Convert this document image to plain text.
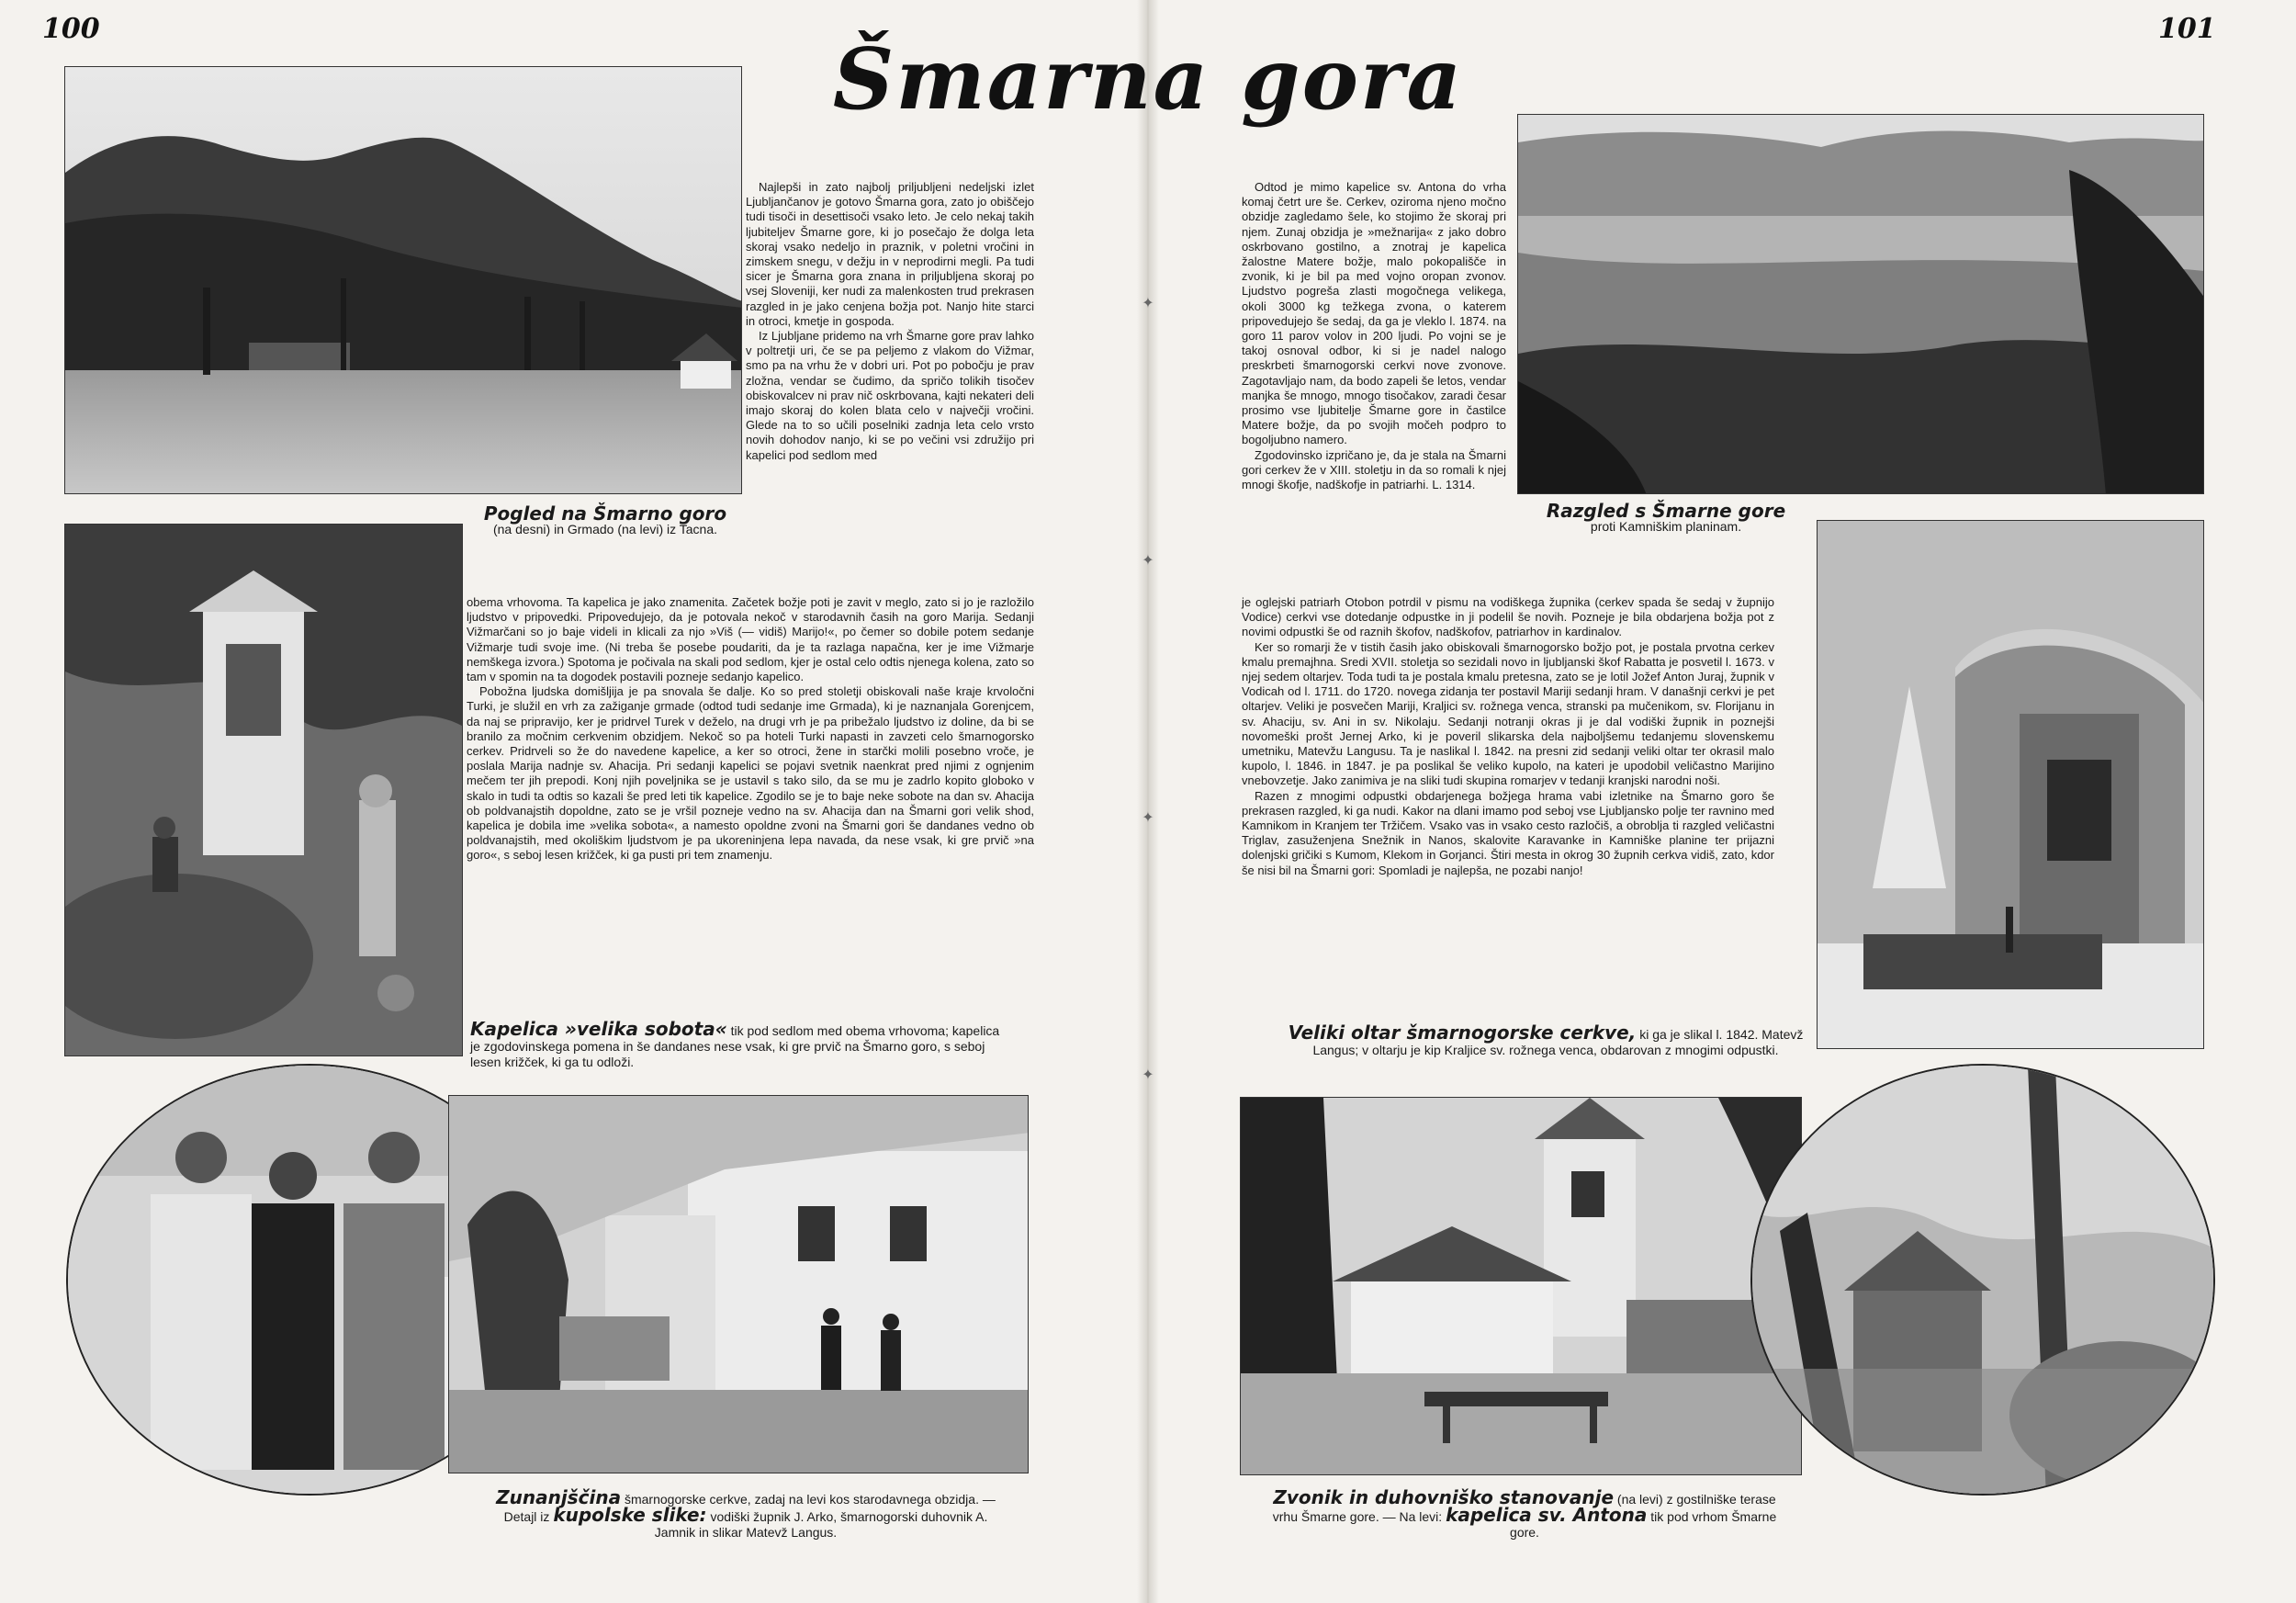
100	101
✦
✦
✦
✦
Šmarna gora
Pogled na Šmarno goro
(na desni) in Grmado (na levi) iz Tacna.

Najlepši in zato najbolj priljubljeni nedeljski izlet Ljubljančanov je gotovo Šmarna gora, zato jo obiščejo tudi tisoči in desettisoči vsako leto. Je celo nekaj takih ljubiteljev Šmarne gore, ki jo posečajo že dolga leta skoraj vsako nedeljo in praznik, v poletni vročini in zimskem snegu, v dežju in v neprodirni megli. Pa tudi sicer je Šmarna gora znana in priljubljena skoraj po vsej Sloveniji, ker nudi za malenkosten trud prekrasen razgled in je jako cenjena božja pot. Nanjo hite starci in otroci, kmetje in gospoda.

Iz Ljubljane pridemo na vrh Šmarne gore prav lahko v poltretji uri, če se pa peljemo z vlakom do Vižmar, smo pa na vrhu že v dobri uri. Pot po pobočju je prav zložna, vendar se čudimo, da spričo tolikih tisočev obiskovalcev ni prav nič oskrbovana, kajti nekateri deli imajo skoraj do kolen blata celo v največji vročini. Glede na to so učili poselniki zadnja leta celo vrsto novih dohodov nanjo, ki se po večini vsi združijo pri kapelici pod sedlom med

Odtod je mimo kapelice sv. Antona do vrha komaj četrt ure še. Cerkev, oziroma njeno močno obzidje zagledamo šele, ko stojimo že skoraj pri njem. Zunaj obzidja je »mežnarija« z jako dobro oskrbovano gostilno, a znotraj je kapelica žalostne Matere božje, malo pokopališče in zvonik, ki je bil pa med vojno oropan zvonov. Ljudstvo pogreša zlasti mogočnega velikega, okoli 3000 kg težkega zvona, o katerem pripovedujejo še sedaj, da ga je vleklo l. 1874. na goro 11 parov volov in 200 ljudi. Po vojni se je takoj osnoval odbor, ki si je nadel nalogo preskrbeti šmarnogorski cerkvi nove zvonove. Zagotavljajo nam, da bodo zapeli še letos, vendar manjka še mnogo, mnogo tisočakov, zaradi česar prosimo vse ljubitelje Šmarne gore in častilce Matere božje, da po svojih močeh podpro to bogoljubno namero.

Zgodovinsko izpričano je, da je stala na Šmarni gori cerkev že v XIII. stoletju in da so romali k njej mnogi škofje, nadškofje in patriarhi. L. 1314.

obema vrhovoma. Ta kapelica je jako znamenita. Začetek božje poti je zavit v meglo, zato si jo je razložilo ljudstvo v pripovedki. Pripovedujejo, da je potovala nekoč v starodavnih časih na goro Marija. Sedanji Vižmarčani so jo baje videli in klicali za njo »Viš (— vidiš) Marijo!«, po čemer so dobile potem sedanje Vižmarje tudi svoje ime. (Ni treba še posebe poudariti, da je ta razlaga napačna, ker je ime Vižmarje nemškega izvora.) Spotoma je počivala na skali pod sedlom, kjer je ostal celo odtis njenega kolena, zato so tam v spomin na ta dogodek postavili pozneje sedanjo kapelico.

Pobožna ljudska domišljija je pa snovala še dalje. Ko so pred stoletji obiskovali naše kraje krvoločni Turki, je služil en vrh za zažiganje grmade (odtod tudi sedanje ime Grmada), ki je naznanjala Gorenjcem, da naj se pripravijo, ker je pridrvel Turek v deželo, na drugi vrh je pa pribežalo ljudstvo iz doline, da bi se branilo za močnim cerkvenim obzidjem. Nekoč so pa hoteli Turki napasti in zavzeti celo šmarnogorsko cerkev. Pridrveli so že do navedene kapelice, a ker so otroci, žene in starčki molili posebno vroče, je poslala Marija nadnje sv. Ahacija. Pri sedanji kapelici se pojavi svetnik naenkrat pred njimi z ognjenim mečem ter jih prepodi. Konj njih poveljnika se je ustavil s tako silo, da se mu je zadrlo kopito globoko v skalo in tudi ta odtis so kazali še pred leti tik kapelice. Zgodilo se je to baje neke sobote na dan sv. Ahacija ob poldvanajstih dopoldne, zato se je vršil pozneje vedno na sv. Ahacija dan na Šmarni gori velik shod, kapelica je dobila ime »velika sobota«, a namesto opoldne zvoni na Šmarni gori še dandanes vedno ob poldvanajstih, med okoliškim ljudstvom je pa ukoreninjena lepa navada, da nese vsak, ki gre prvič »na goro«, s seboj lesen križček, ki ga pusti pri tem znamenju.

je oglejski patriarh Otobon potrdil v pismu na vodiškega župnika (cerkev spada še sedaj v župnijo Vodice) cerkvi vse dotedanje odpustke in ji podelil še novih. Pozneje je bila obdarjena božja pot z novimi odpustki še od raznih škofov, nadškofov, patriarhov in kardinalov.

Ker so romarji že v tistih časih jako obiskovali šmarnogorsko božjo pot, je postala prvotna cerkev kmalu premajhna. Sredi XVII. stoletja so sezidali novo in ljubljanski škof Rabatta je posvetil l. 1673. v njej sedem oltarjev. Toda tudi ta je postala kmalu pretesna, zato se je lotil Jožef Anton Juraj, župnik v Vodicah od l. 1711. do 1720. novega zidanja ter postavil Mariji sedanji hram. V današnji cerkvi je pet oltarjev. Veliki je posvečen Mariji, Kraljici sv. rožnega venca, stranski pa mučenikom, sv. Florijanu in sv. Ahaciju, sv. Ani in sv. Nikolaju. Sedanji notranji okras ji je dal vodiški župnik in poznejši novomeški prošt Jernej Arko, ki je poveril slikarska dela najboljšemu tedanjemu slovenskemu umetniku, Matevžu Langusu. Ta je naslikal l. 1842. na presni zid sedanji veliki oltar ter okrasil malo kupolo, l. 1846. in 1847. je pa poslikal še veliko kupolo, na kateri je upodobil veličastno Marijino vnebovzetje. Jako zanimiva je na sliki tudi skupina romarjev v tedanji kranjski narodni noši.

Razen z mnogimi odpustki obdarjenega božjega hrama vabi izletnike na Šmarno goro še prekrasen razgled, ki ga nudi. Kakor na dlani imamo pod seboj vse Ljubljansko polje ter ravnino med Kamnikom in Kranjem ter Tržičem. Vsako vas in vsako cesto razločiš, a obroblja ti razgled veličastni Triglav, zasuženjena Snežnik in Nanos, skalovite Karavanke in Kamniške planine ter prijazni dolenjski gričiki s Kumom, Klekom in Gorjanci. Štiri mesta in okrog 30 župnih cerkva vidiš, zato, kdor še nisi bil na Šmarni gori: Spomladi je najlepša, ne pozabi nanjo!

Kapelica »velika sobota« tik pod sedlom med obema vrhovoma; kapelica je zgodovinskega pomena in še dandanes nese vsak, ki gre prvič na Šmarno goro, s seboj lesen križček, ki ga tu odloži.
Zunanjščina šmarnogorske cerkve, zadaj na levi kos starodavnega obzidja. — Detajl iz kupolske slike: vodiški župnik J. Arko, šmarnogorski duhovnik A. Jamnik in slikar Matevž Langus.
Razgled s Šmarne gore
proti Kamniškim planinam.
Veliki oltar šmarnogorske cerkve, ki ga je slikal l. 1842. Matevž Langus; v oltarju je kip Kraljice sv. rožnega venca, obdarovan z mnogimi odpustki.
Zvonik in duhovniško stanovanje (na levi) z gostilniške terase vrhu Šmarne gore. — Na levi: kapelica sv. Antona tik pod vrhom Šmarne gore.
